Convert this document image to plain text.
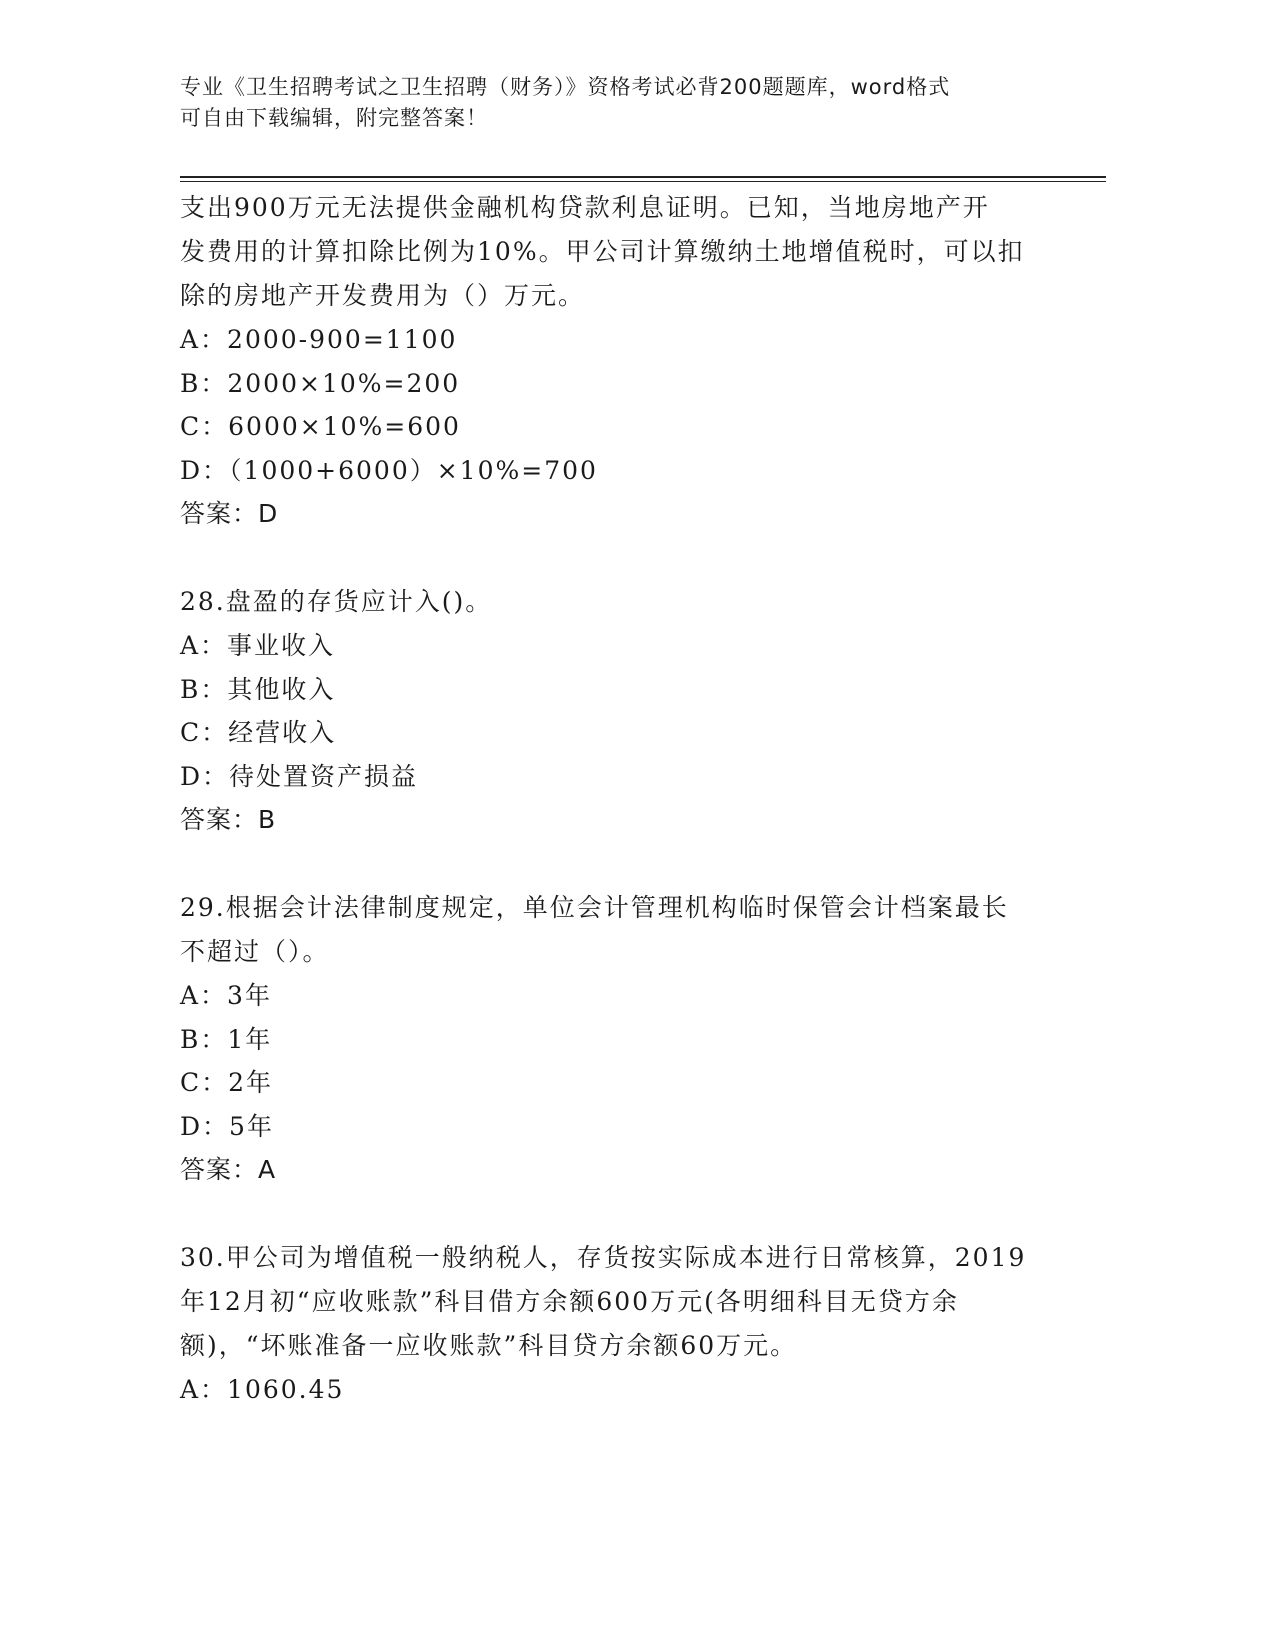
专业《卫生招聘考试之卫生招聘（财务）》资格考试必背200题题库，word格式
可自由下载编辑，附完整答案！
支出900万元无法提供金融机构贷款利息证明。已知，当地房地产开
发费用的计算扣除比例为10%。甲公司计算缴纳土地增值税时，可以扣
除的房地产开发费用为（）万元。
A：2000-900=1100
B：2000×10%=200
C：6000×10%=600
D：（1000+6000）×10%=700
答案：D
28.盘盈的存货应计入()。
A：事业收入
B：其他收入
C：经营收入
D：待处置资产损益
答案：B
29.根据会计法律制度规定，单位会计管理机构临时保管会计档案最长
不超过（）。
A：3年
B：1年
C：2年
D：5年
答案：A
30.甲公司为增值税一般纳税人，存货按实际成本进行日常核算，2019
年12月初“应收账款”科目借方余额600万元(各明细科目无贷方余
额)，“坏账准备一应收账款”科目贷方余额60万元。
A：1060.45
